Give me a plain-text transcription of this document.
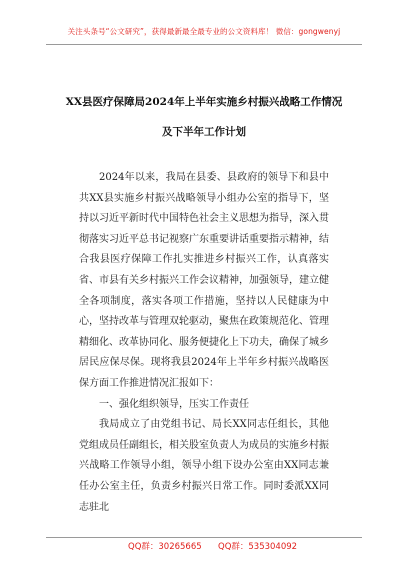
关注头条号“公文研究”，获得最新最全最专业的公文资料库！ 微信：gongwenyj
XX县医疗保障局2024年上半年实施乡村振兴战略工作情况
及下半年工作计划

2024年以来，我局在县委、县政府的领导下和县中共XX县实施乡村振兴战略领导小组办公室的指导下，坚持以习近平新时代中国特色社会主义思想为指导，深入贯彻落实习近平总书记视察广东重要讲话重要指示精神，结合我县医疗保障工作扎实推进乡村振兴工作，认真落实省、市县有关乡村振兴工作会议精神，加强领导，建立健全各项制度，落实各项工作措施，坚持以人民健康为中心，坚持改革与管理双轮驱动，聚焦在政策规范化、管理精细化、改革协同化、服务便捷化上下功夫，确保了城乡居民应保尽保。现将我县2024年上半年乡村振兴战略医保方面工作推进情况汇报如下：

一、强化组织领导，压实工作责任

我局成立了由党组书记、局长XX同志任组长，其他党组成员任副组长，相关股室负责人为成员的实施乡村振兴战略工作领导小组，领导小组下设办公室由XX同志兼任办公室主任，负责乡村振兴日常工作。同时委派XX同志驻北

QQ群：30265665 QQ群：535304092
